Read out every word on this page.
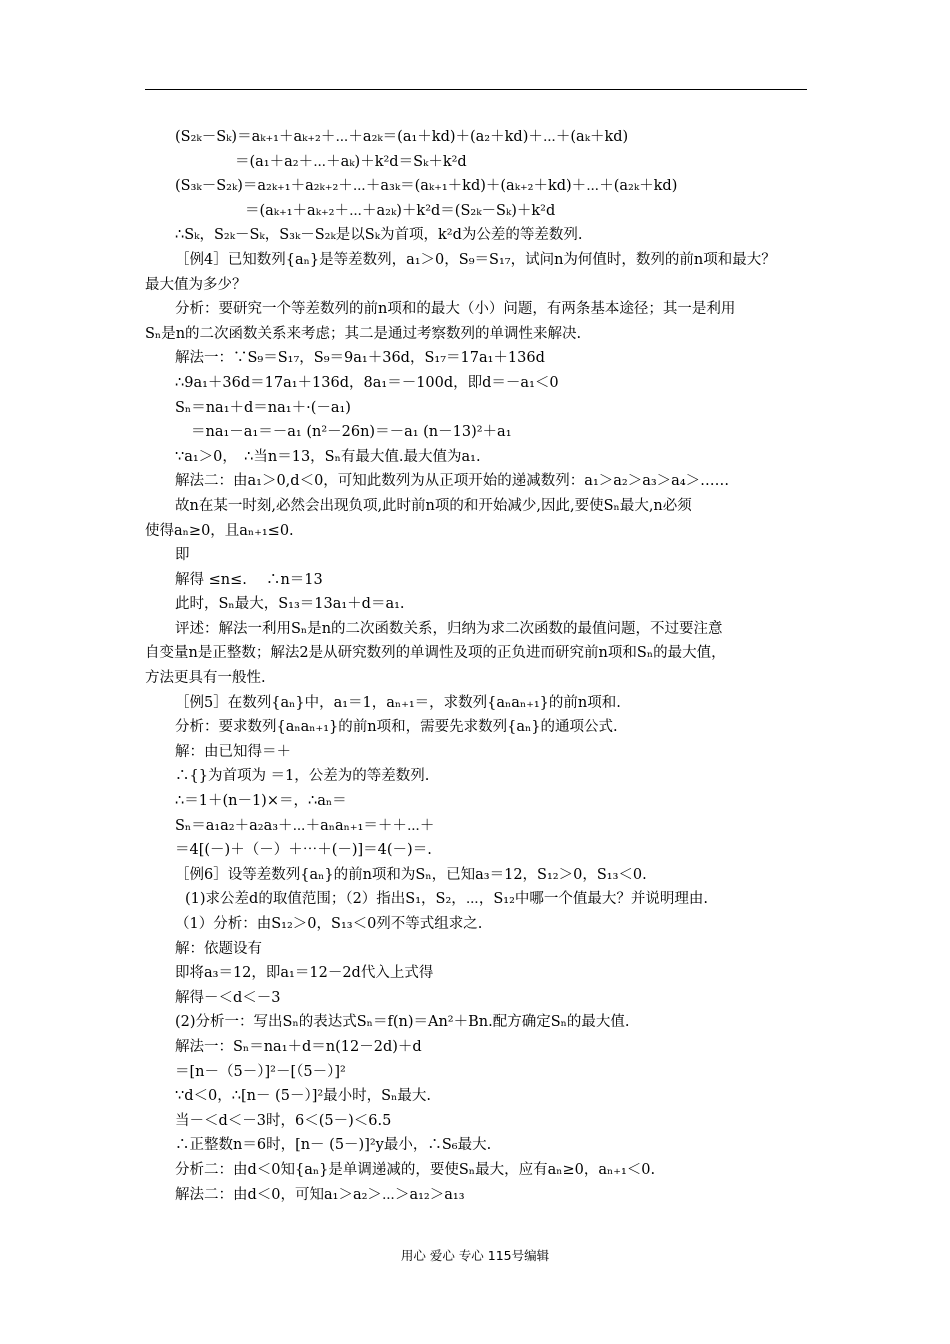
(S₂ₖ－Sₖ)＝aₖ₊₁＋aₖ₊₂＋⋯＋a₂ₖ＝(a₁＋kd)＋(a₂＋kd)＋⋯＋(aₖ＋kd)
＝(a₁＋a₂＋⋯＋aₖ)＋k²d＝Sₖ＋k²d
(S₃ₖ－S₂ₖ)＝a₂ₖ₊₁＋a₂ₖ₊₂＋⋯＋a₃ₖ＝(aₖ₊₁＋kd)＋(aₖ₊₂＋kd)＋⋯＋(a₂ₖ＋kd)
＝(aₖ₊₁＋aₖ₊₂＋⋯＋a₂ₖ)＋k²d＝(S₂ₖ－Sₖ)＋k²d
∴Sₖ，S₂ₖ－Sₖ，S₃ₖ－S₂ₖ是以Sₖ为首项，k²d为公差的等差数列.
［例4］已知数列{aₙ}是等差数列，a₁＞0，S₉＝S₁₇，试问n为何值时，数列的前n项和最大？
最大值为多少？
分析：要研究一个等差数列的前n项和的最大（小）问题，有两条基本途径；其一是利用
Sₙ是n的二次函数关系来考虑；其二是通过考察数列的单调性来解决.
解法一：∵S₉＝S₁₇，S₉＝9a₁＋36d，S₁₇＝17a₁＋136d
∴9a₁＋36d＝17a₁＋136d，8a₁＝－100d，即d＝－a₁＜0
Sₙ＝na₁＋d＝na₁＋·(－a₁)
＝na₁－a₁＝－a₁ (n²－26n)＝－a₁ (n－13)²＋a₁
∵a₁＞0，　∴当n＝13，Sₙ有最大值.最大值为a₁.
解法二：由a₁＞0,d＜0，可知此数列为从正项开始的递减数列：a₁＞a₂＞a₃＞a₄＞……
故n在某一时刻,必然会出现负项,此时前n项的和开始减少,因此,要使Sₙ最大,n必须
使得aₙ≥0，且aₙ₊₁≤0.
即
解得 ≤n≤.　 ∴n＝13
此时，Sₙ最大，S₁₃＝13a₁＋d＝a₁.
评述：解法一利用Sₙ是n的二次函数关系，归纳为求二次函数的最值问题，不过要注意
自变量n是正整数；解法2是从研究数列的单调性及项的正负进而研究前n项和Sₙ的最大值，
方法更具有一般性.
［例5］在数列{aₙ}中，a₁＝1，aₙ₊₁＝，求数列{aₙaₙ₊₁}的前n项和.
分析：要求数列{aₙaₙ₊₁}的前n项和，需要先求数列{aₙ}的通项公式.
解：由已知得＝＋
∴{}为首项为 ＝1，公差为的等差数列.
∴＝1＋(n－1)×＝，∴aₙ＝
Sₙ＝a₁a₂＋a₂a₃＋⋯＋aₙaₙ₊₁＝＋＋⋯＋
＝4[(－)＋（－）＋⋯＋(－)]＝4(－)＝.
［例6］设等差数列{aₙ}的前n项和为Sₙ，已知a₃＝12，S₁₂＞0，S₁₃＜0.
(1)求公差d的取值范围；（2）指出S₁，S₂，⋯，S₁₂中哪一个值最大？并说明理由.
（1）分析：由S₁₂＞0，S₁₃＜0列不等式组求之.
解：依题设有
即将a₃＝12，即a₁＝12－2d代入上式得
解得－＜d＜－3
(2)分析一：写出Sₙ的表达式Sₙ＝f(n)＝An²＋Bn.配方确定Sₙ的最大值.
解法一：Sₙ＝na₁＋d＝n(12－2d)＋d
＝[n－（5－）]²－[（5－）]²
∵d＜0，∴[n－ (5－）]²最小时，Sₙ最大.
当－＜d＜－3时，6＜(5－)＜6.5
∴正整数n＝6时，[n－ (5－)]²y最小，∴S₆最大.
分析二：由d＜0知{aₙ}是单调递减的，要使Sₙ最大，应有aₙ≥0，aₙ₊₁＜0.
解法二：由d＜0，可知a₁＞a₂＞⋯＞a₁₂＞a₁₃
用心 爱心 专心 115号编辑
